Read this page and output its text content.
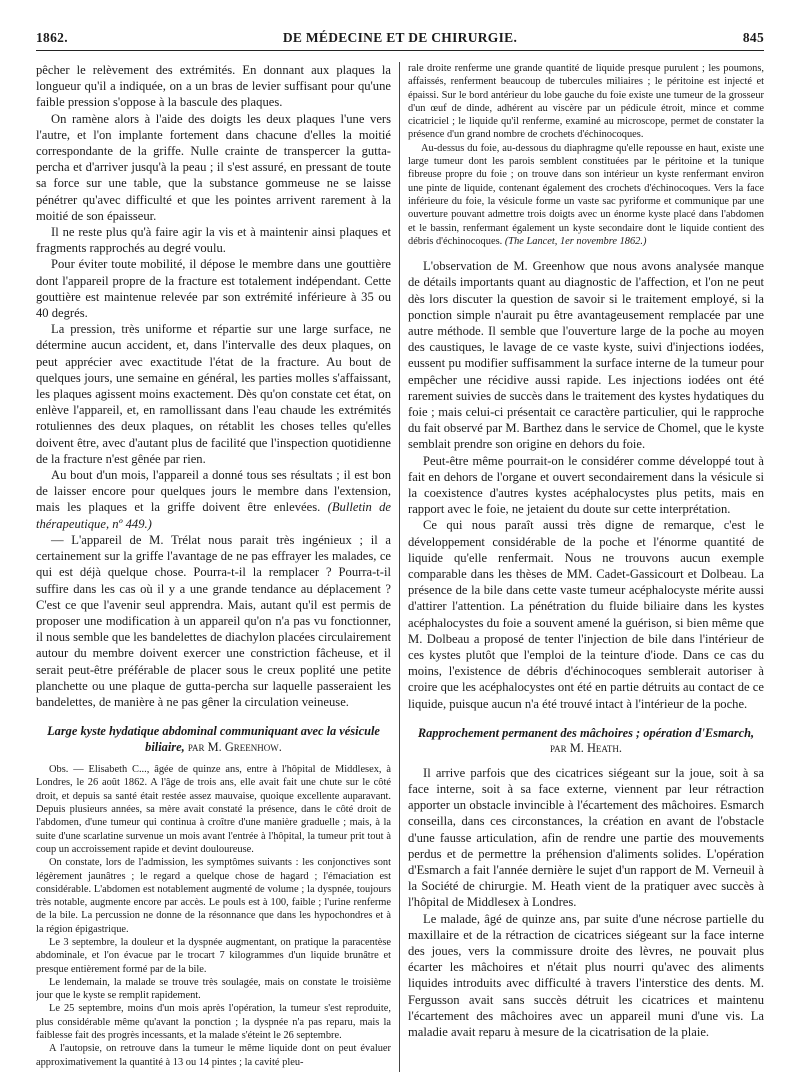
1862.	DE MÉDECINE ET DE CHIRURGIE.	845

pêcher le relèvement des extrémités. En donnant aux plaques la longueur qu'il a indiquée, on a un bras de levier suffisant pour qu'une faible pression s'oppose à la bascule des plaques.

On ramène alors à l'aide des doigts les deux plaques l'une vers l'autre, et l'on implante fortement dans chacune d'elles la moitié correspondante de la griffe. Nulle crainte de transpercer la gutta-percha et d'arriver jusqu'à la peau ; il s'est assuré, en pressant de toute sa force sur une table, que la substance gommeuse ne se laisse pénétrer qu'avec difficulté et que les pointes arrivent rarement à la moitié de son épaisseur.

Il ne reste plus qu'à faire agir la vis et à maintenir ainsi plaques et fragments rapprochés au degré voulu.

Pour éviter toute mobilité, il dépose le membre dans une gouttière dont l'appareil propre de la fracture est totalement indépendant. Cette gouttière est maintenue relevée par son extrémité inférieure à 35 ou 40 degrés.

La pression, très uniforme et répartie sur une large surface, ne détermine aucun accident, et, dans l'intervalle des deux plaques, on peut apprécier avec exactitude l'état de la fracture. Au bout de quelques jours, une semaine en général, les parties molles s'affaissant, les plaques agissent moins exactement. Dès qu'on constate cet état, on enlève l'appareil, et, en ramollissant dans l'eau chaude les extrémités rotuliennes des deux plaques, on rétablit les choses telles qu'elles doivent être, avec d'autant plus de facilité que l'inspection quotidienne de la fracture n'est gênée par rien.

Au bout d'un mois, l'appareil a donné tous ses résultats ; il est bon de laisser encore pour quelques jours le membre dans l'extension, mais les plaques et la griffe doivent être enlevées. (Bulletin de thérapeutique, nº 449.)

— L'appareil de M. Trélat nous parait très ingénieux ; il a certainement sur la griffe l'avantage de ne pas effrayer les malades, ce qui est déjà quelque chose. Pourra-t-il la remplacer ? Pourra-t-il suffire dans les cas où il y a une grande tendance au déplacement ? C'est ce que l'avenir seul apprendra. Mais, autant qu'il est permis de proposer une modification à un appareil qu'on n'a pas vu fonctionner, il nous semble que les bandelettes de diachylon placées circulairement autour du membre doivent exercer une constriction fâcheuse, et il serait peut-être préférable de placer sous le creux poplité une petite planchette ou une plaque de gutta-percha sur laquelle passeraient les bandelettes, de manière à ne pas gêner la circulation veineuse.

Large kyste hydatique abdominal communiquant avec la vésicule biliaire, par M. Greenhow.

Obs. — Elisabeth C..., âgée de quinze ans, entre à l'hôpital de Middlesex, à Londres, le 26 août 1862. A l'âge de trois ans, elle avait fait une chute sur le côté droit, et depuis sa santé était restée assez mauvaise, quoique excellente auparavant. Depuis plusieurs années, sa mère avait constaté la présence, dans le côté droit de l'abdomen, d'une tumeur qui continua à croître d'une manière graduelle ; mais, à la suite d'une scarlatine survenue un mois avant l'entrée à l'hôpital, la tumeur prit tout à coup un accroissement rapide et devint douloureuse.

On constate, lors de l'admission, les symptômes suivants : les conjonctives sont légèrement jaunâtres ; le regard a quelque chose de hagard ; l'émaciation est considérable. L'abdomen est notablement augmenté de volume ; la dyspnée, toujours très notable, augmente encore par accès. Le pouls est à 100, faible ; l'urine renferme de la bile. La percussion ne donne de la résonnance que dans les hypochondres et à la région épigastrique.

Le 3 septembre, la douleur et la dyspnée augmentant, on pratique la paracentèse abdominale, et l'on évacue par le trocart 7 kilogrammes d'un liquide brunâtre et presque entièrement formé par de la bile.

Le lendemain, la malade se trouve très soulagée, mais on constate le troisième jour que le kyste se remplit rapidement.

Le 25 septembre, moins d'un mois après l'opération, la tumeur s'est reproduite, plus considérable même qu'avant la ponction ; la dyspnée n'a pas reparu, mais la faiblesse fait des progrès incessants, et la malade s'éteint le 26 septembre.

A l'autopsie, on retrouve dans la tumeur le même liquide dont on peut évaluer approximativement la quantité à 13 ou 14 pintes ; la cavité pleu-

rale droite renferme une grande quantité de liquide presque purulent ; les poumons, affaissés, renferment beaucoup de tubercules miliaires ; le péritoine est injecté et épaissi. Sur le bord antérieur du lobe gauche du foie existe une tumeur de la grosseur d'un œuf de dinde, adhérent au viscère par un pédicule étroit, mince et comme cicatriciel ; le liquide qu'il renferme, examiné au microscope, permet de constater la présence d'un grand nombre de crochets d'échinocoques.

Au-dessus du foie, au-dessous du diaphragme qu'elle repousse en haut, existe une large tumeur dont les parois semblent constituées par le péritoine et la tunique fibreuse propre du foie ; on trouve dans son intérieur un kyste renfermant environ une pinte de liquide, contenant également des crochets d'échinocoques. Vers la face inférieure du foie, la vésicule forme un vaste sac pyriforme et communique par une ouverture pouvant admettre trois doigts avec un énorme kyste placé dans l'abdomen et le bassin, renfermant également un kyste secondaire dont le liquide contient des débris d'échinocoques. (The Lancet, 1er novembre 1862.)

L'observation de M. Greenhow que nous avons analysée manque de détails importants quant au diagnostic de l'affection, et l'on ne peut dès lors discuter la question de savoir si le traitement employé, si la ponction simple n'aurait pu être avantageusement remplacée par une autre méthode. Il semble que l'ouverture large de la poche au moyen des caustiques, le lavage de ce vaste kyste, suivi d'injections iodées, eussent pu modifier suffisamment la surface interne de la tumeur pour empêcher une récidive aussi rapide. Les injections iodées ont été rarement suivies de succès dans le traitement des kystes hydatiques du foie ; mais celui-ci présentait ce caractère particulier, qui le rapproche du fait observé par M. Barthez dans le service de Chomel, que le kyste semblait prendre son origine en dehors du foie.

Peut-être même pourrait-on le considérer comme développé tout à fait en dehors de l'organe et ouvert secondairement dans la vésicule si la coexistence d'autres kystes acéphalocystes plus petits, mais en rapport avec le foie, ne jetaient du doute sur cette interprétation.

Ce qui nous paraît aussi très digne de remarque, c'est le développement considérable de la poche et l'énorme quantité de liquide qu'elle renfermait. Nous ne trouvons aucun exemple comparable dans les thèses de MM. Cadet-Gassicourt et Dolbeau. La présence de la bile dans cette vaste tumeur acéphalocyste mérite aussi d'attirer l'attention. La pénétration du fluide biliaire dans les kystes acéphalocystes du foie a souvent amené la guérison, si bien même que M. Dolbeau a proposé de tenter l'injection de bile dans l'intérieur de ces kystes plutôt que l'emploi de la teinture d'iode. Dans ce cas du moins, l'existence de débris d'échinocoques semblerait autoriser à croire que les acéphalocystes ont été en partie détruits au contact de ce liquide, puisque aucun n'a été trouvé intact à l'intérieur de la poche.

Rapprochement permanent des mâchoires ; opération d'Esmarch, par M. Heath.

Il arrive parfois que des cicatrices siégeant sur la joue, soit à sa face interne, soit à sa face externe, viennent par leur rétraction apporter un obstacle invincible à l'écartement des mâchoires. Esmarch conseilla, dans ces circonstances, la création en avant de l'obstacle d'une fausse articulation, afin de rendre une partie des mouvements perdus et de permettre la préhension d'aliments solides. L'opération d'Esmarch a fait l'année dernière le sujet d'un rapport de M. Verneuil à la Société de chirurgie. M. Heath vient de la pratiquer avec succès à l'hôpital de Middlesex à Londres.

Le malade, âgé de quinze ans, par suite d'une nécrose partielle du maxillaire et de la rétraction de cicatrices siégeant sur la face interne des joues, vers la commissure droite des lèvres, ne pouvait plus écarter les mâchoires et n'était plus nourri qu'avec des aliments liquides introduits avec difficulté à travers l'interstice des dents. M. Fergusson avait sans succès détruit les cicatrices et maintenu l'écartement des mâchoires avec un appareil muni d'une vis. La maladie avait reparu à mesure de la cicatrisation de la plaie.
